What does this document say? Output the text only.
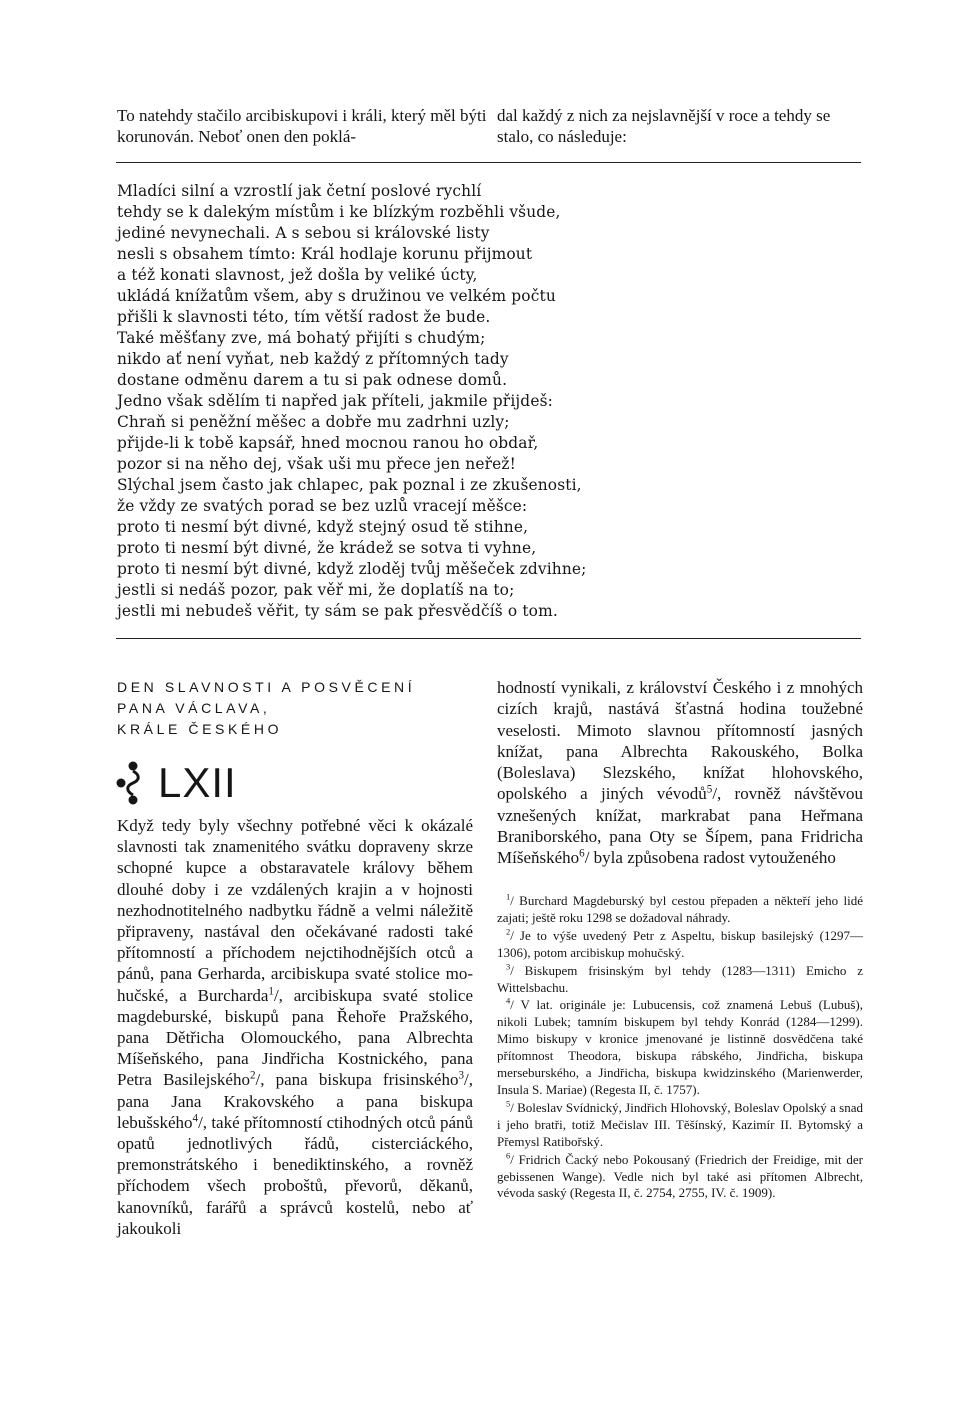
To natehdy stačilo arcibiskupovi i králi, který měl býti korunován. Neboť onen den poklá-
dal každý z nich za nejslavnější v roce a tehdy se stalo, co následuje:
Mladíci silní a vzrostlí jak četní poslové rychlí
tehdy se k dalekým místům i ke blízkým rozběhli všude,
jediné nevynechali. A s sebou si královské listy
nesli s obsahem tímto: Král hodlaje korunu přijmout
a též konati slavnost, jež došla by veliké úcty,
ukládá knížatům všem, aby s družinou ve velkém počtu
přišli k slavnosti této, tím větší radost že bude.
Také měšťany zve, má bohatý přijíti s chudým;
nikdo ať není vyňat, neb každý z přítomných tady
dostane odměnu darem a tu si pak odnese domů.
Jedno však sdělím ti napřed jak příteli, jakmile přijdeš:
Chraň si peněžní měšec a dobře mu zadrhni uzly;
přijde-li k tobě kapsář, hned mocnou ranou ho obdař,
pozor si na něho dej, však uši mu přece jen neřež!
Slýchal jsem často jak chlapec, pak poznal i ze zkušenosti,
že vždy ze svatých porad se bez uzlů vracejí měšce:
proto ti nesmí být divné, když stejný osud tě stihne,
proto ti nesmí být divné, že krádež se sotva ti vyhne,
proto ti nesmí být divné, když zloděj tvůj měšeček zdvihne;
jestli si nedáš pozor, pak věř mi, že doplatíš na to;
jestli mi nebudeš věřit, ty sám se pak přesvědčíš o tom.
DEN SLAVNOSTI A POSVĚCENÍ
PANA VÁCLAVA,
KRÁLE ČESKÉHO
LXII

Když tedy byly všechny potřebné věci k okázalé slavnosti tak znamenitého svátku dopraveny skrze schopné kupce a obstaravatele královy během dlouhé doby i ze vzdálených krajin a v hojnosti nezhodnotitelného nadbytku řádně a velmi náležitě připraveny, nastával den očekávané radosti také přítomností a příchodem nejctihodnějších otců a pánů, pana Gerharda, arcibiskupa svaté stolice mohučské, a Burcharda$^1$/, arcibiskupa svaté stolice magdeburské, biskupů pana Řehoře Pražského, pana Dětřicha Olomouckého, pana Albrechta Míšeňského, pana Jindřicha Kostnického, pana Petra Basilejského$^2$/, pana biskupa frisinského$^3$/, pana Jana Krakovského a pana biskupa lebušského$^4$/, také přítomností ctihodných otců pánů opatů jednotlivých řádů, cisterciáckého, premonstrátského i benediktinského, a rovněž příchodem všech proboštů, převorů, děkanů, kanovníků, farářů a správců kostelů, nebo ať jakoukoli

hodností vynikali, z království Českého i z mnohých cizích krajů, nastává šťastná hodina toužebné veselosti. Mimoto slavnou přítomností jasných knížat, pana Albrechta Rakouského, Bolka (Boleslava) Slezského, knížat hlohovského, opolského a jiných vévodů$^5$/, rovněž návštěvou vznešených knížat, markrabat pana Heřmana Braniborského, pana Oty se Šípem, pana Fridricha Míšeňského$^6$/ byla způsobena radost vytouženého

$^1$/ Burchard Magdeburský byl cestou přepaden a někteří jeho lidé zajati; ještě roku 1298 se dožadoval náhrady.
$^2$/ Je to výše uvedený Petr z Aspeltu, biskup basilejský (1297—1306), potom arcibiskup mohučský.
$^3$/ Biskupem frisinským byl tehdy (1283—1311) Emicho z Wittelsbachu.
$^4$/ V lat. originále je: Lubucensis, což znamená Lebuš (Lubuš), nikoli Lubek; tamním biskupem byl tehdy Konrád (1284—1299). Mimo biskupy v kronice jmenované je listinně dosvědčena také přítomnost Theodora, biskupa rábského, Jindřicha, biskupa merseburského, a Jindřicha, biskupa kwidzinského (Marienwerder, Insula S. Mariae) (Regesta II, č. 1757).
$^5$/ Boleslav Svídnický, Jindřich Hlohovský, Boleslav Opolský a snad i jeho bratři, totiž Mečislav III. Těšínský, Kazimír II. Bytomský a Přemysl Ratibořský.
$^6$/ Fridrich Čacký nebo Pokousaný (Friedrich der Freidige, mit der gebissenen Wange). Vedle nich byl také asi přítomen Albrecht, vévoda saský (Regesta II, č. 2754, 2755, IV. č. 1909).
